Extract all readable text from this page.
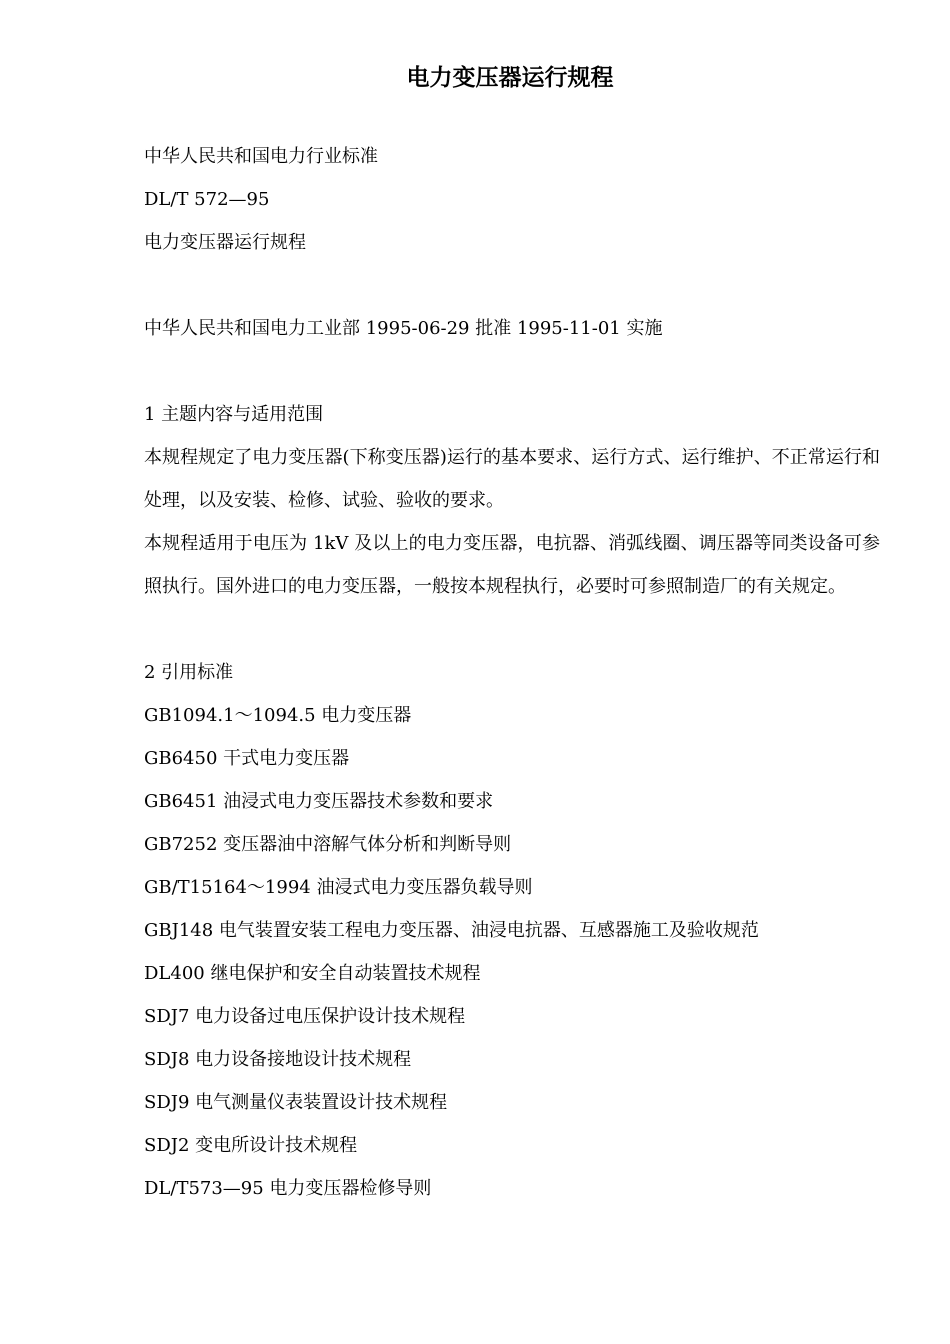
电力变压器运行规程
中华人民共和国电力行业标准
DL/T 572—95
电力变压器运行规程
中华人民共和国电力工业部 1995-06-29 批准 1995-11-01 实施
1 主题内容与适用范围
本规程规定了电力变压器(下称变压器)运行的基本要求、运行方式、运行维护、不正常运行和处理，以及安装、检修、试验、验收的要求。
本规程适用于电压为 1kV 及以上的电力变压器，电抗器、消弧线圈、调压器等同类设备可参照执行。国外进口的电力变压器，一般按本规程执行，必要时可参照制造厂的有关规定。
2 引用标准
GB1094.1～1094.5 电力变压器
GB6450 干式电力变压器
GB6451 油浸式电力变压器技术参数和要求
GB7252 变压器油中溶解气体分析和判断导则
GB/T15164～1994 油浸式电力变压器负载导则
GBJ148 电气装置安装工程电力变压器、油浸电抗器、互感器施工及验收规范
DL400 继电保护和安全自动装置技术规程
SDJ7 电力设备过电压保护设计技术规程
SDJ8 电力设备接地设计技术规程
SDJ9 电气测量仪表装置设计技术规程
SDJ2 变电所设计技术规程
DL/T573—95 电力变压器检修导则
